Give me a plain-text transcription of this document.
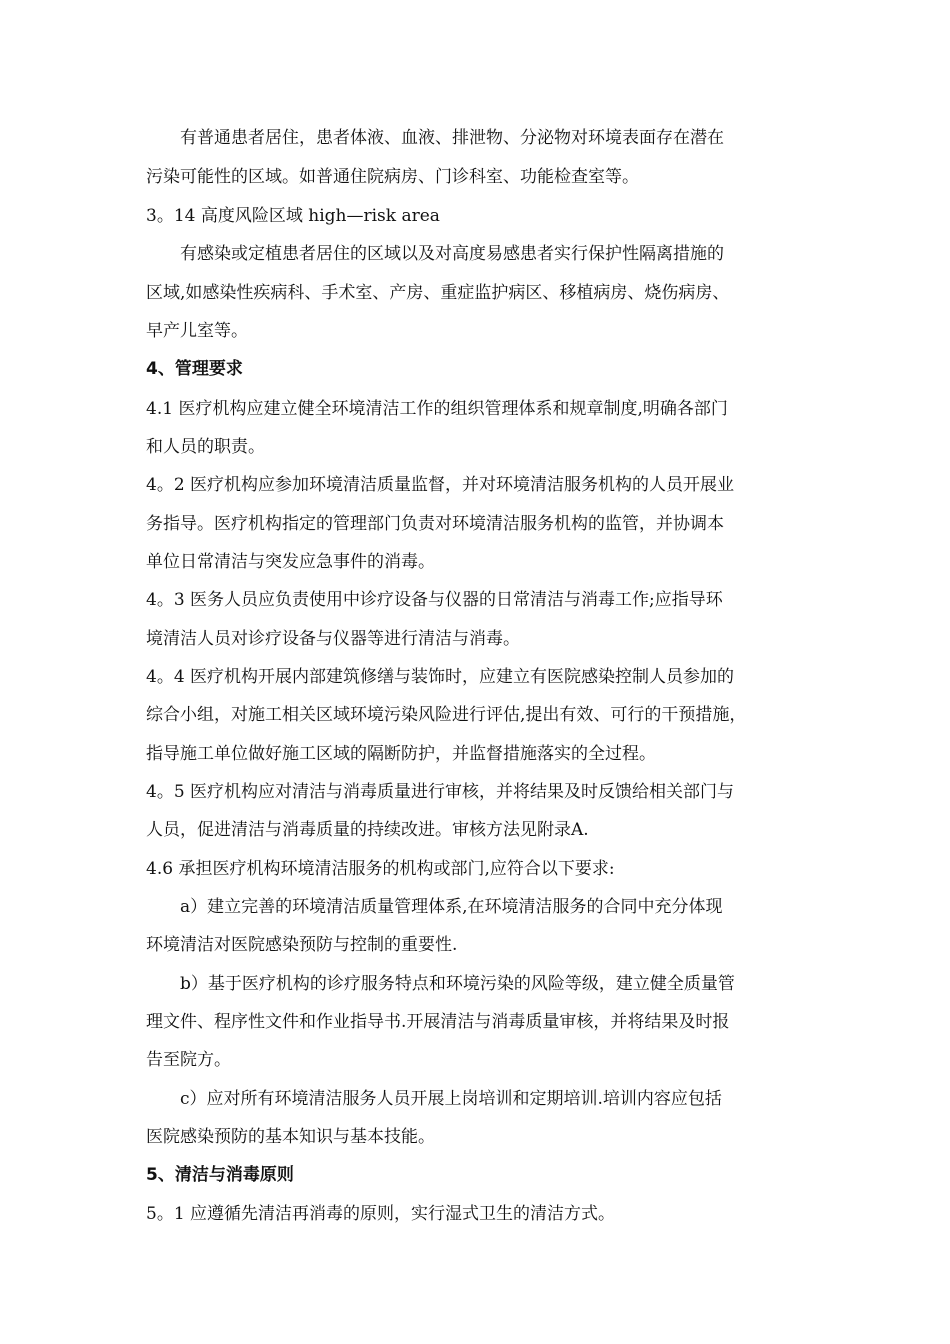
有普通患者居住，患者体液、血液、排泄物、分泌物对环境表面存在潜在
污染可能性的区域。如普通住院病房、门诊科室、功能检查室等。
3。14 高度风险区域 high—risk area
有感染或定植患者居住的区域以及对高度易感患者实行保护性隔离措施的
区域,如感染性疾病科、手术室、产房、重症监护病区、移植病房、烧伤病房、
早产儿室等。
4、管理要求
4.1 医疗机构应建立健全环境清洁工作的组织管理体系和规章制度,明确各部门
和人员的职责。
4。2 医疗机构应参加环境清洁质量监督，并对环境清洁服务机构的人员开展业
务指导。医疗机构指定的管理部门负责对环境清洁服务机构的监管，并协调本
单位日常清洁与突发应急事件的消毒。
4。3 医务人员应负责使用中诊疗设备与仪器的日常清洁与消毒工作;应指导环
境清洁人员对诊疗设备与仪器等进行清洁与消毒。
4。4 医疗机构开展内部建筑修缮与装饰时，应建立有医院感染控制人员参加的
综合小组，对施工相关区域环境污染风险进行评估,提出有效、可行的干预措施，
指导施工单位做好施工区域的隔断防护，并监督措施落实的全过程。
4。5 医疗机构应对清洁与消毒质量进行审核，并将结果及时反馈给相关部门与
人员，促进清洁与消毒质量的持续改进。审核方法见附录A.
4.6 承担医疗机构环境清洁服务的机构或部门,应符合以下要求:
a）建立完善的环境清洁质量管理体系,在环境清洁服务的合同中充分体现
环境清洁对医院感染预防与控制的重要性.
b）基于医疗机构的诊疗服务特点和环境污染的风险等级，建立健全质量管
理文件、程序性文件和作业指导书.开展清洁与消毒质量审核，并将结果及时报
告至院方。
c）应对所有环境清洁服务人员开展上岗培训和定期培训.培训内容应包括
医院感染预防的基本知识与基本技能。
5、清洁与消毒原则
5。1 应遵循先清洁再消毒的原则，实行湿式卫生的清洁方式。
